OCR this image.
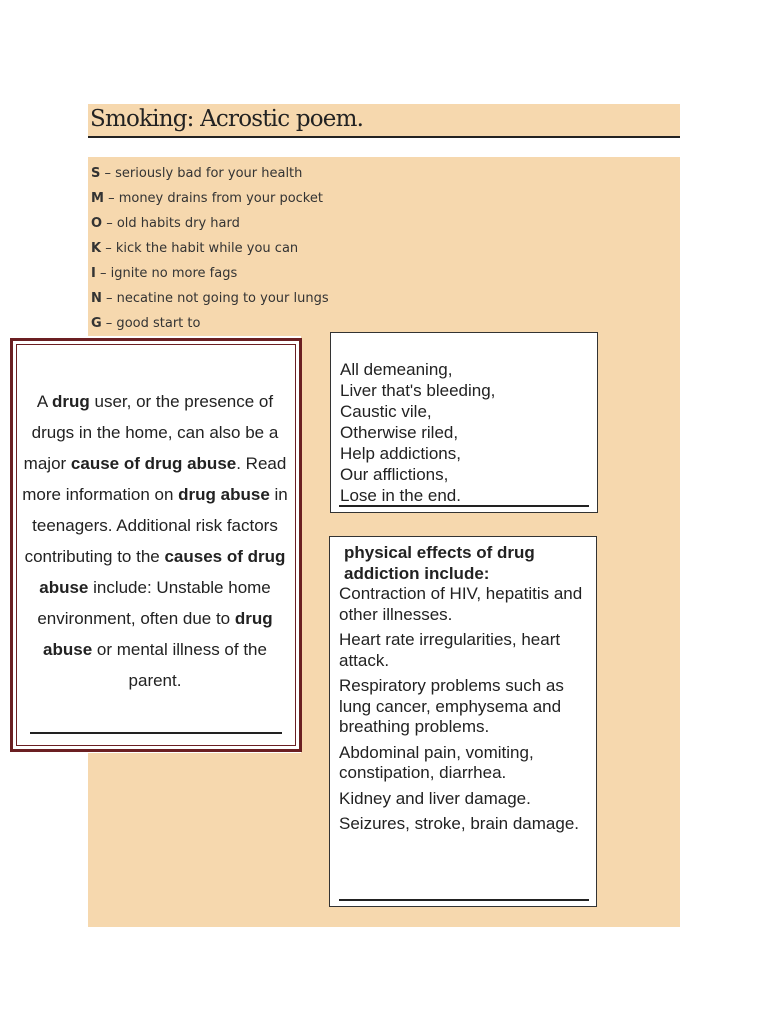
Smoking: Acrostic poem.
S – seriously bad for your health
M – money drains from your pocket
O – old habits dry hard
K – kick the habit while you can
I – ignite no more fags
N – necatine not going to your lungs
G – good start to
A drug user, or the presence of drugs in the home, can also be a major cause of drug abuse. Read more information on drug abuse in teenagers. Additional risk factors contributing to the causes of drug abuse include: Unstable home environment, often due to drug abuse or mental illness of the parent.
All demeaning,
Liver that's bleeding,
Caustic vile,
Otherwise riled,
Help addictions,
Our afflictions,
Lose in the end.
physical effects of drug addiction include:
Contraction of HIV, hepatitis and other illnesses.
Heart rate irregularities, heart attack.
Respiratory problems such as lung cancer, emphysema and breathing problems.
Abdominal pain, vomiting, constipation, diarrhea.
Kidney and liver damage.
Seizures, stroke, brain damage.
